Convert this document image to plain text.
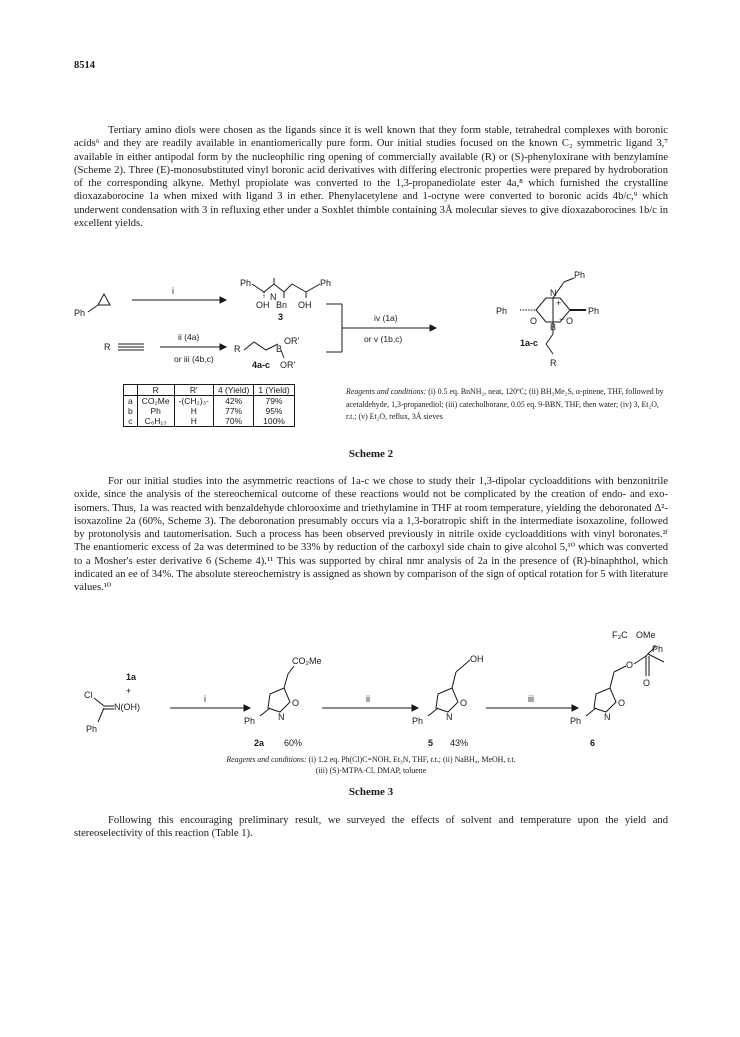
8514

Tertiary amino diols were chosen as the ligands since it is well known that they form stable, tetrahedral complexes with boronic acids⁶ and they are readily available in enantiomerically pure form. Our initial studies focused on the known C₂ symmetric ligand 3,⁷ available in either antipodal form by the nucleophilic ring opening of commercially available (R) or (S)-phenyloxirane with benzylamine (Scheme 2). Three (E)-monosubstituted vinyl boronic acid derivatives with differing electronic properties were prepared by hydroboration of the corresponding alkyne. Methyl propiolate was converted to the 1,3-propanediolate ester 4a,⁸ which furnished the crystalline dioxazaborocine 1a when mixed with ligand 3 in ether. Phenylacetylene and 1-octyne were converted to boronic acids 4b/c,⁹ which underwent condensation with 3 in refluxing ether under a Soxhlet thimble containing 3Å molecular sieves to give dioxazaborocines 1b/c in excellent yields.

Ph
i
Ph	Ph
N
OH Bn OH
3
R
ii (4a)
or iii (4b,c)
R	B
OR'
OR'
4a-c
iv (1a)
or v (1b,c)
Ph
Ph
Ph
N
+
O
B
− O
R
1a-c
	R	R'	4 (Yield)	1 (Yield)
a	CO₂Me	-(CH₂)₃-	42%	79%
b	Ph	H	77%	95%
c	C₆H₁₃	H	70%	100%
Reagents and conditions: (i) 0.5 eq. BnNH₂, neat, 120ºC; (ii) BH₃Me₂S, α-pinene, THF, followed by acetaldehyde, 1,3-propanediol; (iii) catecholborane, 0.05 eq. 9-BBN, THF, then water; (iv) 3, Et₂O, r.t.; (v) Et₂O, reflux, 3Å sieves
Scheme 2

For our initial studies into the asymmetric reactions of 1a-c we chose to study their 1,3-dipolar cycloadditions with benzonitrile oxide, since the analysis of the stereochemical outcome of these reactions would not be complicated by the creation of endo- and exo-isomers. Thus, 1a was reacted with benzaldehyde chlorooxime and triethylamine in THF at room temperature, yielding the deboronated Δ²-isoxazoline 2a (60%, Scheme 3). The deboronation presumably occurs via a 1,3-boratropic shift in the intermediate isoxazoline, followed by protonolysis and tautomerisation. Such a process has been observed previously in nitrile oxide cycloadditions with vinyl boronates.²ᶠ The enantiomeric excess of 2a was determined to be 33% by reduction of the carboxyl side chain to give alcohol 5,¹⁰ which was converted to a Mosher's ester derivative 6 (Scheme 4).¹¹ This was supported by chiral nmr analysis of 2a in the presence of (R)-binaphthol, which indicated an ee of 34%. The absolute stereochemistry is assigned as shown by comparison of the sign of optical rotation for 5 with literature values.¹⁰

1a
Cl	+
N(OH)
Ph
i
CO₂Me
O
N
Ph
2a 60%
ii
OH
O
N
Ph
5 43%
iii
F₃C OMe
Ph
O
O
O
N
Ph
6
Reagents and conditions: (i) 1.2 eq. Ph(Cl)C=NOH, Et₃N, THF, r.t.; (ii) NaBH₄, MeOH, r.t.
(iii) (S)-MTPA-Cl, DMAP, toluene
Scheme 3

Following this encouraging preliminary result, we surveyed the effects of solvent and temperature upon the yield and stereoselectivity of this reaction (Table 1).
